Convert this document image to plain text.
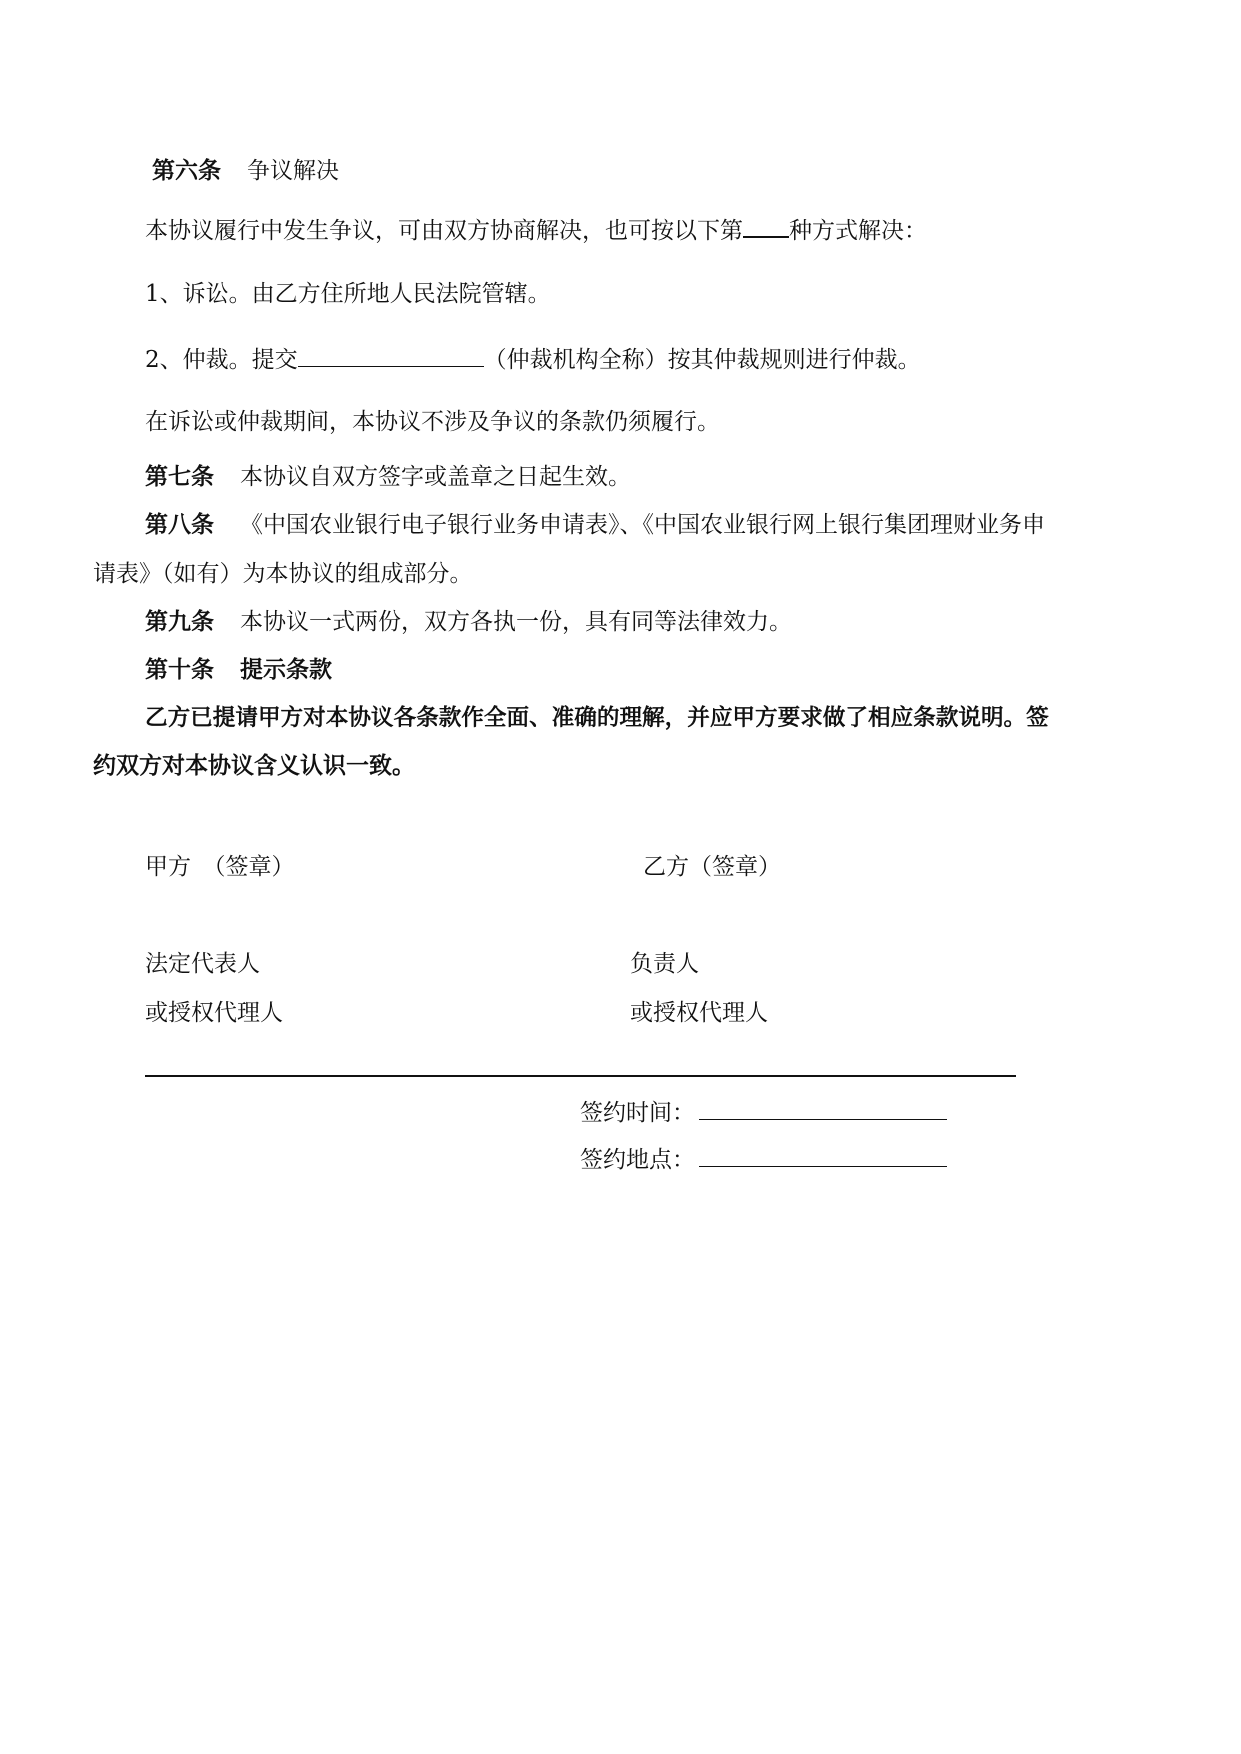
第六条 争议解决

本协议履行中发生争议，可由双方协商解决，也可按以下第 种方式解决：

1、诉讼。由乙方住所地人民法院管辖。

2、仲裁。提交	（仲裁机构全称）按其仲裁规则进行仲裁。

在诉讼或仲裁期间，本协议不涉及争议的条款仍须履行。

第七条 本协议自双方签字或盖章之日起生效。

第八条 《中国农业银行电子银行业务申请表》、《中国农业银行网上银行集团理财业务申

请表》（如有）为本协议的组成部分。

第九条 本协议一式两份，双方各执一份，具有同等法律效力。

第十条 提示条款

乙方已提请甲方对本协议各条款作全面、准确的理解，并应甲方要求做了相应条款说明。签

约双方对本协议含义认识一致。

甲方　（签章）	乙方（签章）

法定代表人	负责人

或授权代理人	或授权代理人

签约时间：

签约地点：
